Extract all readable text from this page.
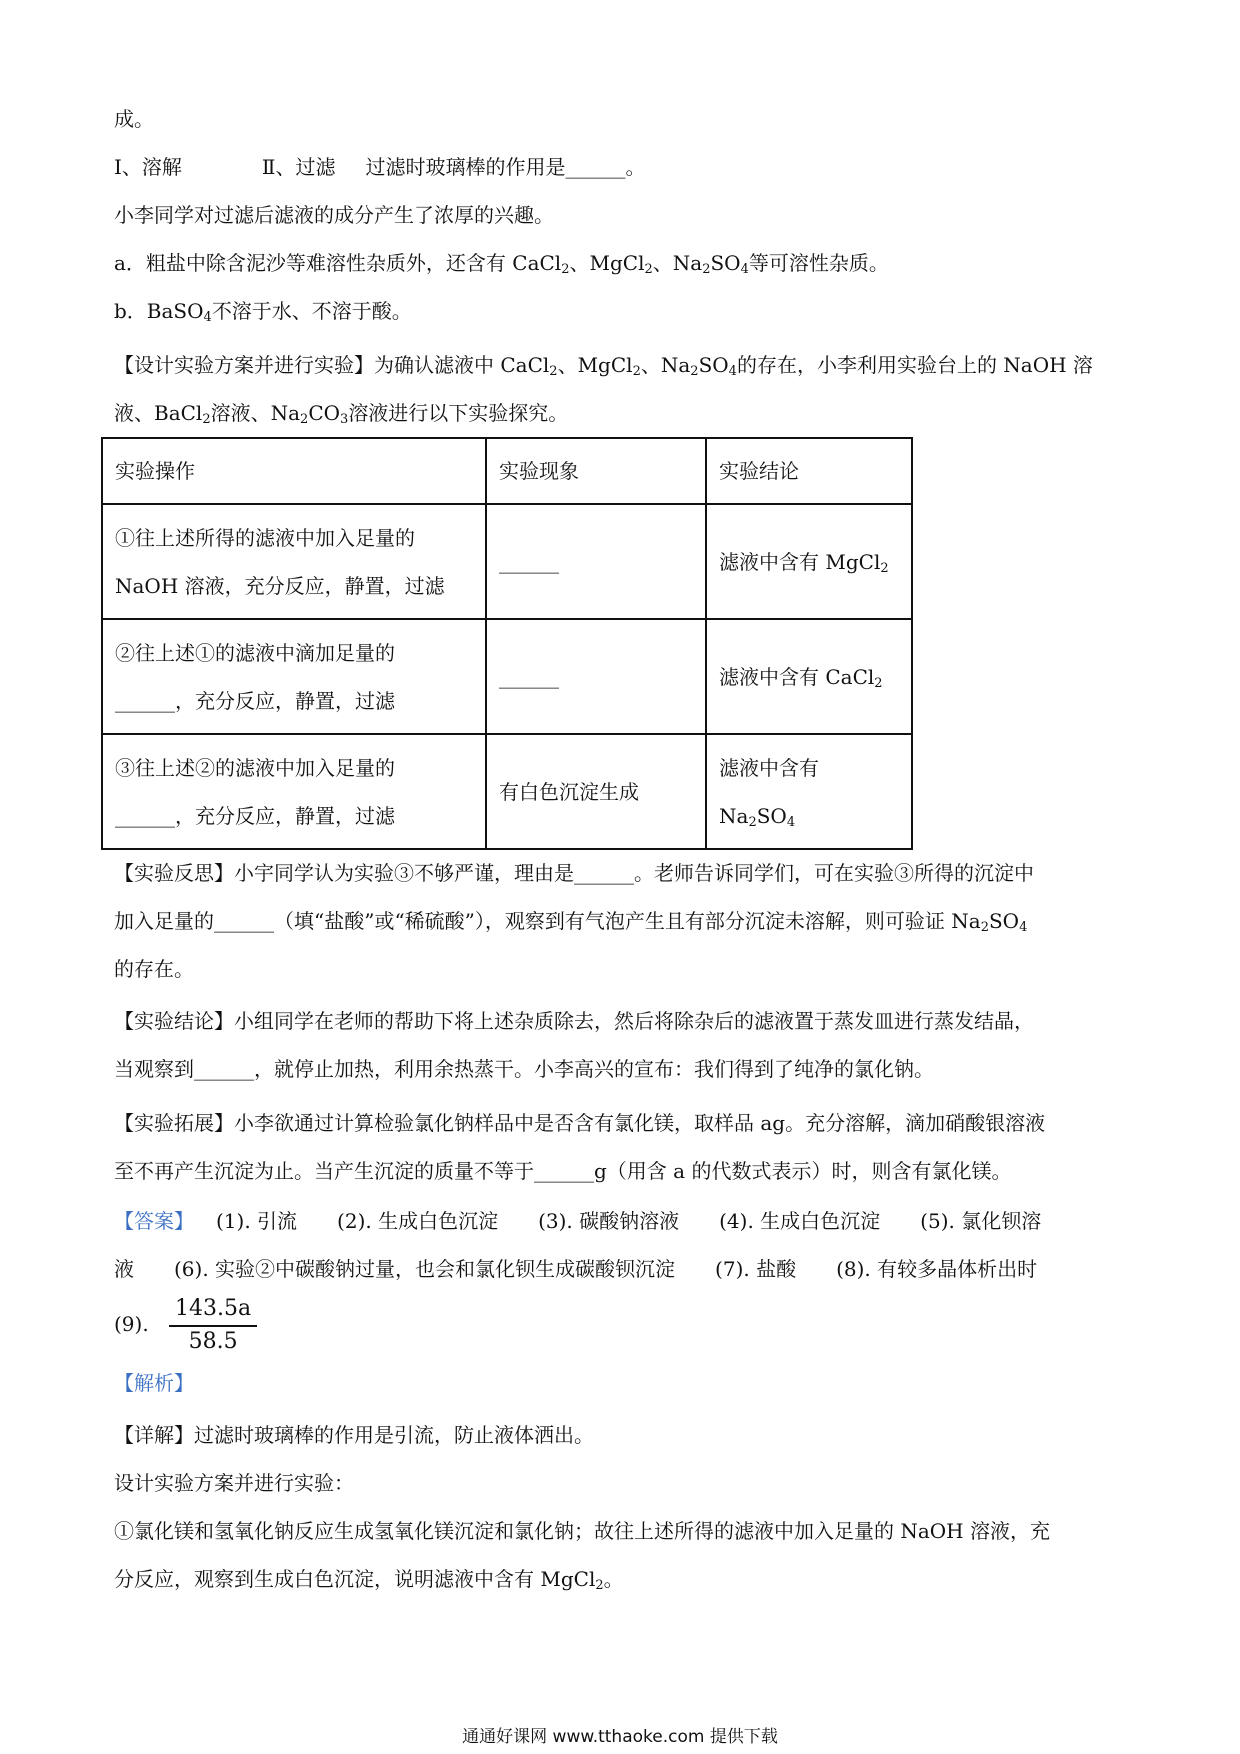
成。
Ⅰ、溶解	Ⅱ、过滤 过滤时玻璃棒的作用是______。
小李同学对过滤后滤液的成分产生了浓厚的兴趣。
a．粗盐中除含泥沙等难溶性杂质外，还含有 CaCl$_2$、MgCl$_2$、$Na_2SO_4$等可溶性杂质。
b．BaSO$_4$不溶于水、不溶于酸。
【设计实验方案并进行实验】为确认滤液中 CaCl$_2$、MgCl$_2$、$Na_2SO_4$的存在，小李利用实验台上的 NaOH 溶
液、BaCl$_2$溶液、$Na_2CO_3$溶液进行以下实验探究。
实验操作	实验现象	实验结论

①往上述所得的滤液中加入足量的
NaOH 溶液，充分反应，静置，过滤	______	滤液中含有 MgCl$_2$

②往上述①的滤液中滴加足量的
______，充分反应，静置，过滤	______	滤液中含有 CaCl$_2$

③往上述②的滤液中加入足量的
______，充分反应，静置，过滤	有白色沉淀生成	滤液中含有 $Na_2SO_4$
【实验反思】小宇同学认为实验③不够严谨，理由是______。老师告诉同学们，可在实验③所得的沉淀中
加入足量的______（填“盐酸”或“稀硫酸”），观察到有气泡产生且有部分沉淀未溶解，则可验证 $Na_2SO_4$
的存在。
【实验结论】小组同学在老师的帮助下将上述杂质除去，然后将除杂后的滤液置于蒸发皿进行蒸发结晶，
当观察到______，就停止加热，利用余热蒸干。小李高兴的宣布：我们得到了纯净的氯化钠。
【实验拓展】小李欲通过计算检验氯化钠样品中是否含有氯化镁，取样品 ag。充分溶解，滴加硝酸银溶液
至不再产生沉淀为止。当产生沉淀的质量不等于______g（用含 a 的代数式表示）时，则含有氯化镁。
【答案】 (1). 引流　　(2). 生成白色沉淀　　(3). 碳酸钠溶液　　(4). 生成白色沉淀　　(5). 氯化钡溶
液　　(6). 实验②中碳酸钠过量，也会和氯化钡生成碳酸钡沉淀　　(7). 盐酸　　(8). 有较多晶体析出时
(9). $\frac{143.5a}{58.5}$
【解析】
【详解】过滤时玻璃棒的作用是引流，防止液体洒出。
设计实验方案并进行实验：
①氯化镁和氢氧化钠反应生成氢氧化镁沉淀和氯化钠；故往上述所得的滤液中加入足量的 NaOH 溶液，充
分反应，观察到生成白色沉淀，说明滤液中含有 MgCl$_2$。
通通好课网 www.tthaoke.com 提供下载
